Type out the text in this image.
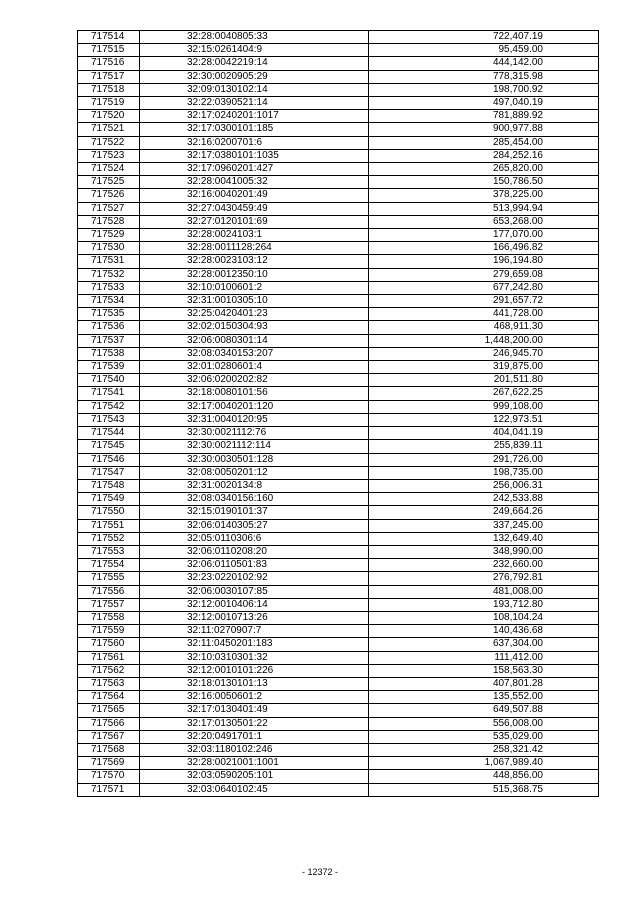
717514	32:28:0040805:33	722,407.19
717515	32:15:0261404:9	95,459.00
717516	32:28:0042219:14	444,142.00
717517	32:30:0020905:29	778,315.98
717518	32:09:0130102:14	198,700.92
717519	32:22:0390521:14	497,040.19
717520	32:17:0240201:1017	781,889.92
717521	32:17:0300101:185	900,977.88
717522	32:16:0200701:6	285,454.00
717523	32:17:0380101:1035	284,252.16
717524	32:17:0960201:427	265,820.00
717525	32:28:0041005:32	150,786.50
717526	32:16:0040201:49	378,225.00
717527	32:27:0430459:49	513,994.94
717528	32:27:0120101:69	653,268.00
717529	32:28:0024103:1	177,070.00
717530	32:28:0011128:264	166,496.82
717531	32:28:0023103:12	196,194.80
717532	32:28:0012350:10	279,659.08
717533	32:10:0100601:2	677,242.80
717534	32:31:0010305:10	291,657.72
717535	32:25:0420401:23	441,728.00
717536	32:02:0150304:93	468,911.30
717537	32:06:0080301:14	1,448,200.00
717538	32:08:0340153:207	246,945.70
717539	32:01:0280601:4	319,875.00
717540	32:06:0200202:82	201,511.80
717541	32:18:0080101:56	267,622.25
717542	32:17:0040201:120	999,108.00
717543	32:31:0040120:95	122,973.51
717544	32:30:0021112:76	404,041.19
717545	32:30:0021112:114	255,839.11
717546	32:30:0030501:128	291,726.00
717547	32:08:0050201:12	198,735.00
717548	32:31:0020134:8	256,006.31
717549	32:08:0340156:160	242,533.88
717550	32:15:0190101:37	249,664.26
717551	32:06:0140305:27	337,245.00
717552	32:05:0110306:6	132,649.40
717553	32:06:0110208:20	348,990.00
717554	32:06:0110501:83	232,660.00
717555	32:23:0220102:92	276,792.81
717556	32:06:0030107:85	481,008.00
717557	32:12:0010406:14	193,712.80
717558	32:12:0010713:26	108,104.24
717559	32:11:0270907:7	140,436.68
717560	32:11:0450201:183	637,304.00
717561	32:10:0310301:32	111,412.00
717562	32:12:0010101:226	158,563.30
717563	32:18:0130101:13	407,801.28
717564	32:16:0050601:2	135,552.00
717565	32:17:0130401:49	649,507.88
717566	32:17:0130501:22	556,008.00
717567	32:20:0491701:1	535,029.00
717568	32:03:1180102:246	258,321.42
717569	32:28:0021001:1001	1,067,989.40
717570	32:03:0590205:101	448,856.00
717571	32:03:0640102:45	515,368.75
- 12372 -
